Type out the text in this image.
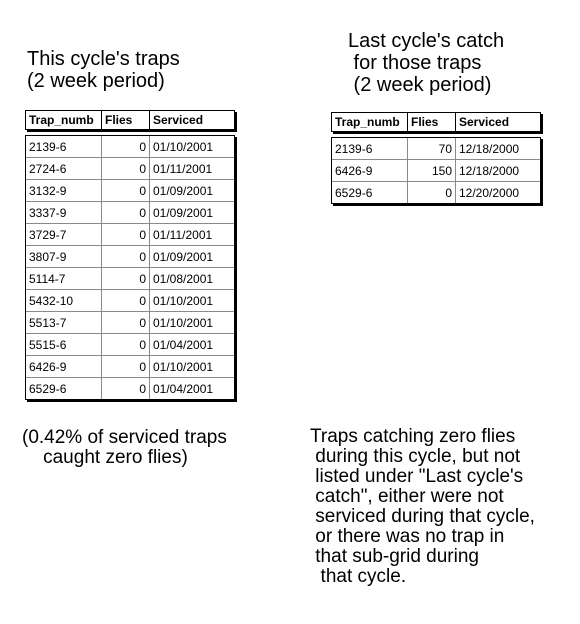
This cycle's traps
(2 week period)
Last cycle's catch
for those traps
(2 week period)
Trap_numb Flies	Serviced
2139-6	0 01/10/2001
2724-6	0 01/11/2001
3132-9	0 01/09/2001
3337-9	0 01/09/2001
3729-7	0 01/11/2001
3807-9	0 01/09/2001
5114-7	0 01/08/2001
5432-10	0 01/10/2001
5513-7	0 01/10/2001
5515-6	0 01/04/2001
6426-9	0 01/10/2001
6529-6	0 01/04/2001
Trap_numb Flies	Serviced
2139-6	70 12/18/2000
6426-9	150 12/18/2000
6529-6	0 12/20/2000
(0.42% of serviced traps
caught zero flies)
Traps catching zero flies
during this cycle, but not
listed under "Last cycle's
catch", either were not
serviced during that cycle,
or there was no trap in
that sub-grid during
that cycle.
